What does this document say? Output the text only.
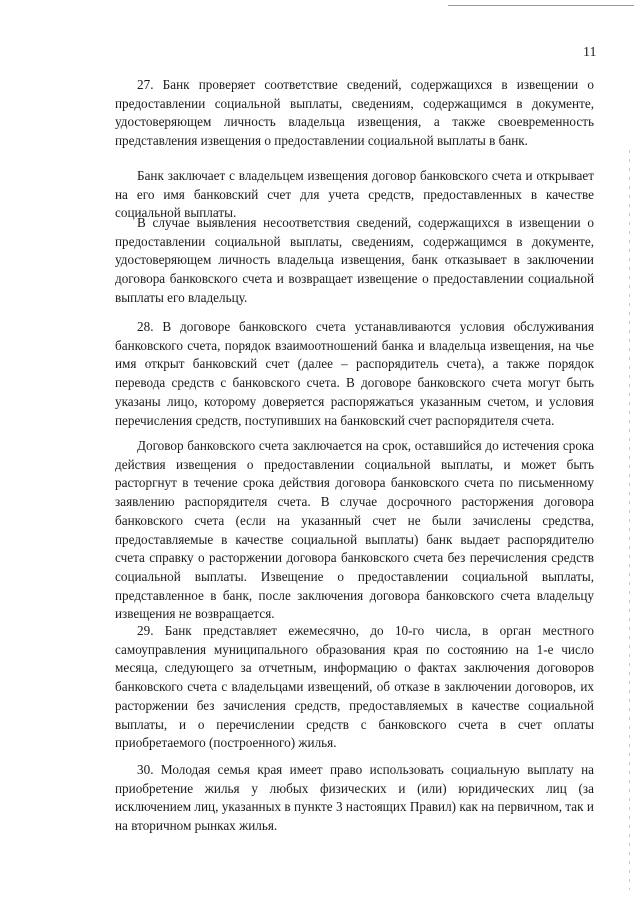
11

27. Банк проверяет соответствие сведений, содержащихся в извещении о предоставлении социальной выплаты, сведениям, содержащимся в документе, удостоверяющем личность владельца извещения, а также своевременность представления извещения о предоставлении социальной выплаты в банк.

Банк заключает с владельцем извещения договор банковского счета и открывает на его имя банковский счет для учета средств, предоставленных в качестве социальной выплаты.

В случае выявления несоответствия сведений, содержащихся в извещении о предоставлении социальной выплаты, сведениям, содержащимся в документе, удостоверяющем личность владельца извещения, банк отказывает в заключении договора банковского счета и возвращает извещение о предоставлении социальной выплаты его владельцу.

28. В договоре банковского счета устанавливаются условия обслуживания банковского счета, порядок взаимоотношений банка и владельца извещения, на чье имя открыт банковский счет (далее – распорядитель счета), а также порядок перевода средств с банковского счета. В договоре банковского счета могут быть указаны лицо, которому доверяется распоряжаться указанным счетом, и условия перечисления средств, поступивших на банковский счет распорядителя счета.

Договор банковского счета заключается на срок, оставшийся до истечения срока действия извещения о предоставлении социальной выплаты, и может быть расторгнут в течение срока действия договора банковского счета по письменному заявлению распорядителя счета. В случае досрочного расторжения договора банковского счета (если на указанный счет не были зачислены средства, предоставляемые в качестве социальной выплаты) банк выдает распорядителю счета справку о расторжении договора банковского счета без перечисления средств социальной выплаты. Извещение о предоставлении социальной выплаты, представленное в банк, после заключения договора банковского счета владельцу извещения не возвращается.

29. Банк представляет ежемесячно, до 10-го числа, в орган местного самоуправления муниципального образования края по состоянию на 1-е число месяца, следующего за отчетным, информацию о фактах заключения договоров банковского счета с владельцами извещений, об отказе в заключении договоров, их расторжении без зачисления средств, предоставляемых в качестве социальной выплаты, и о перечислении средств с банковского счета в счет оплаты приобретаемого (построенного) жилья.

30. Молодая семья края имеет право использовать социальную выплату на приобретение жилья у любых физических и (или) юридических лиц (за исключением лиц, указанных в пункте 3 настоящих Правил) как на первичном, так и на вторичном рынках жилья.
